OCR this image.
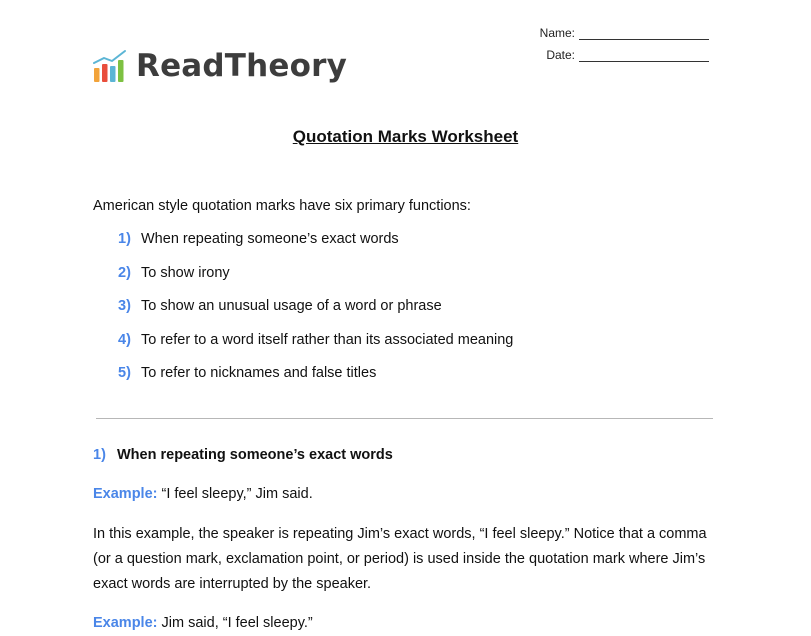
Name:
Date:
ReadTheory
Quotation Marks Worksheet

American style quotation marks have six primary functions:

1) When repeating someone’s exact words
2) To show irony
3) To show an unusual usage of a word or phrase
4) To refer to a word itself rather than its associated meaning
5) To refer to nicknames and false titles
1) When repeating someone’s exact words
Example: “I feel sleepy,” Jim said.
In this example, the speaker is repeating Jim’s exact words, “I feel sleepy.” Notice that a comma (or a question mark, exclamation point, or period) is used inside the quotation mark where Jim’s exact words are interrupted by the speaker.
Example: Jim said, “I feel sleepy.”
